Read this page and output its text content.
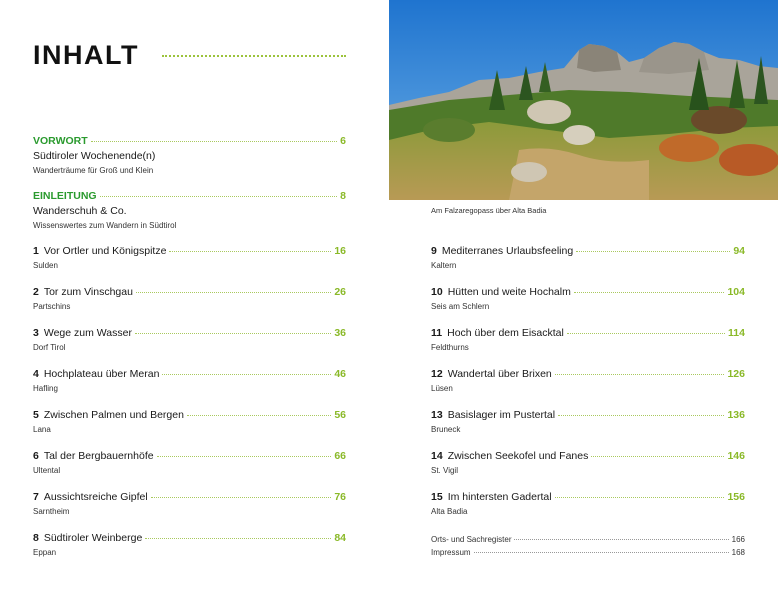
INHALT
Am Falzaregopass über Alta Badia
VORWORT	6
Südtiroler Wochenende(n)
Wanderträume für Groß und Klein
EINLEITUNG	8
Wanderschuh & Co.
Wissenswertes zum Wandern in Südtirol
1 Vor Ortler und Königspitze	16
Sulden
2 Tor zum Vinschgau	26
Partschins
3 Wege zum Wasser	36
Dorf Tirol
4 Hochplateau über Meran	46
Hafling
5 Zwischen Palmen und Bergen	56
Lana
6 Tal der Bergbauernhöfe	66
Ultental
7 Aussichtsreiche Gipfel	76
Sarntheim
8 Südtiroler Weinberge	84
Eppan
9 Mediterranes Urlaubsfeeling	94
Kaltern
10 Hütten und weite Hochalm	104
Seis am Schlern
11 Hoch über dem Eisacktal	114
Feldthurns
12 Wandertal über Brixen	126
Lüsen
13 Basislager im Pustertal	136
Bruneck
14 Zwischen Seekofel und Fanes	146
St. Vigil
15 Im hintersten Gadertal	156
Alta Badia
Orts- und Sachregister	166
Impressum	168
